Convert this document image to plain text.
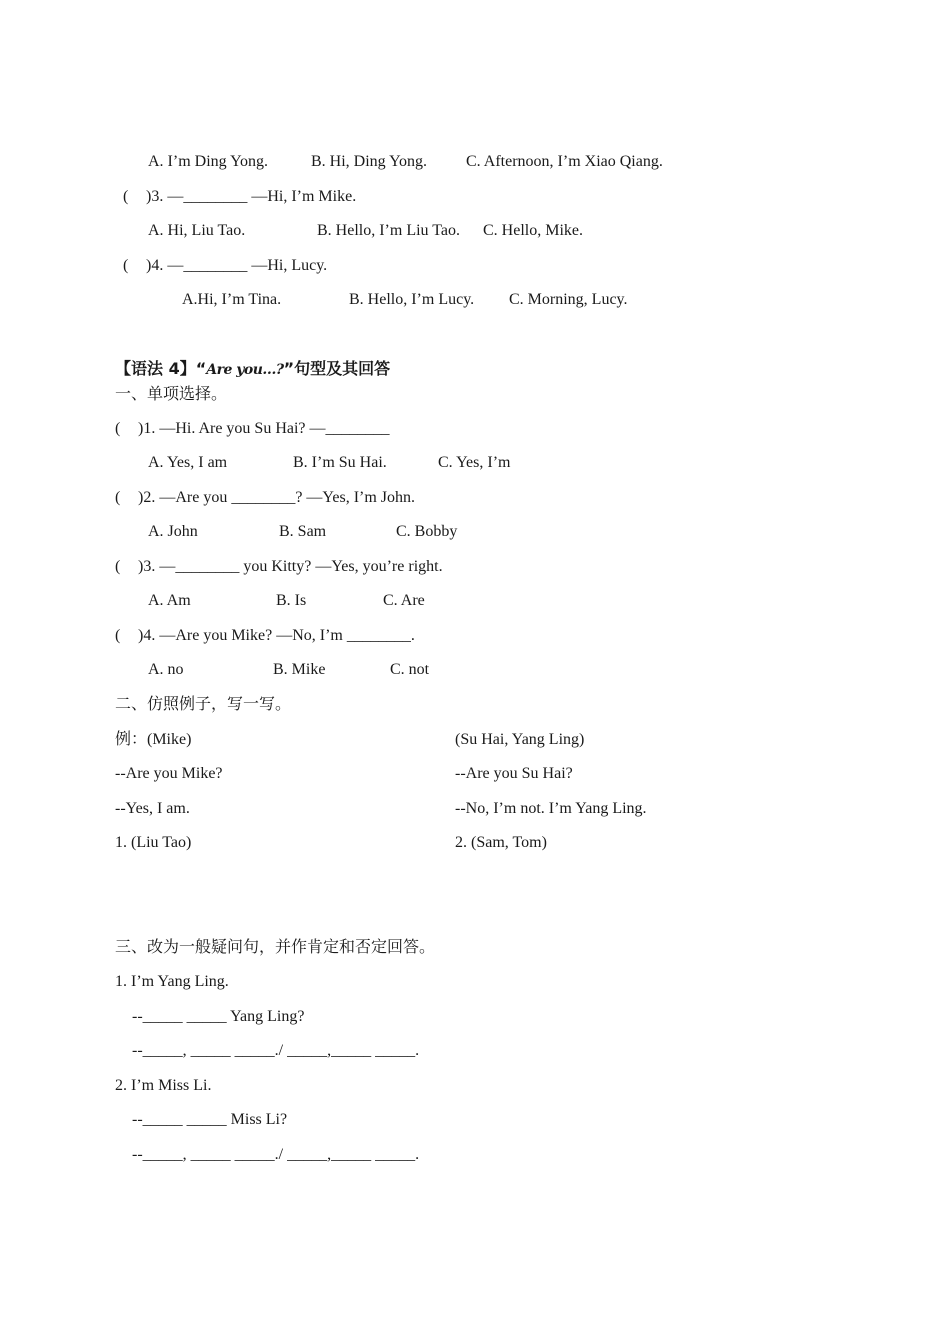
A. I’m Ding Yong.	B. Hi, Ding Yong. C. Afternoon, I’m Xiao Qiang.
( )3. —________ —Hi, I’m Mike.
A. Hi, Liu Tao.	B. Hello, I’m Liu Tao. C. Hello, Mike.
( )4. —________ —Hi, Lucy.
A.Hi, I’m Tina.	B. Hello, I’m Lucy. C. Morning, Lucy.
【语法 4】“Are you…?”句型及其回答
一、单项选择。
( )1. —Hi. Are you Su Hai? —________
A. Yes, I am	B. I’m Su Hai.	C. Yes, I’m
( )2. —Are you ________? —Yes, I’m John.
A. John	B. Sam	C. Bobby
( )3. —________ you Kitty? —Yes, you’re right.
A. Am	B. Is	C. Are
( )4. —Are you Mike? —No, I’m ________.
A. no	B. Mike	C. not
二、仿照例子，写一写。
例：(Mike)	(Su Hai, Yang Ling)
--Are you Mike?	--Are you Su Hai?
--Yes, I am.	--No, I’m not. I’m Yang Ling.
1. (Liu Tao)	2. (Sam, Tom)
三、改为一般疑问句，并作肯定和否定回答。
1. I’m Yang Ling.
--_____ _____ Yang Ling?
--_____, _____ _____./ _____,_____ _____.
2. I’m Miss Li.
--_____ _____ Miss Li?
--_____, _____ _____./ _____,_____ _____.
